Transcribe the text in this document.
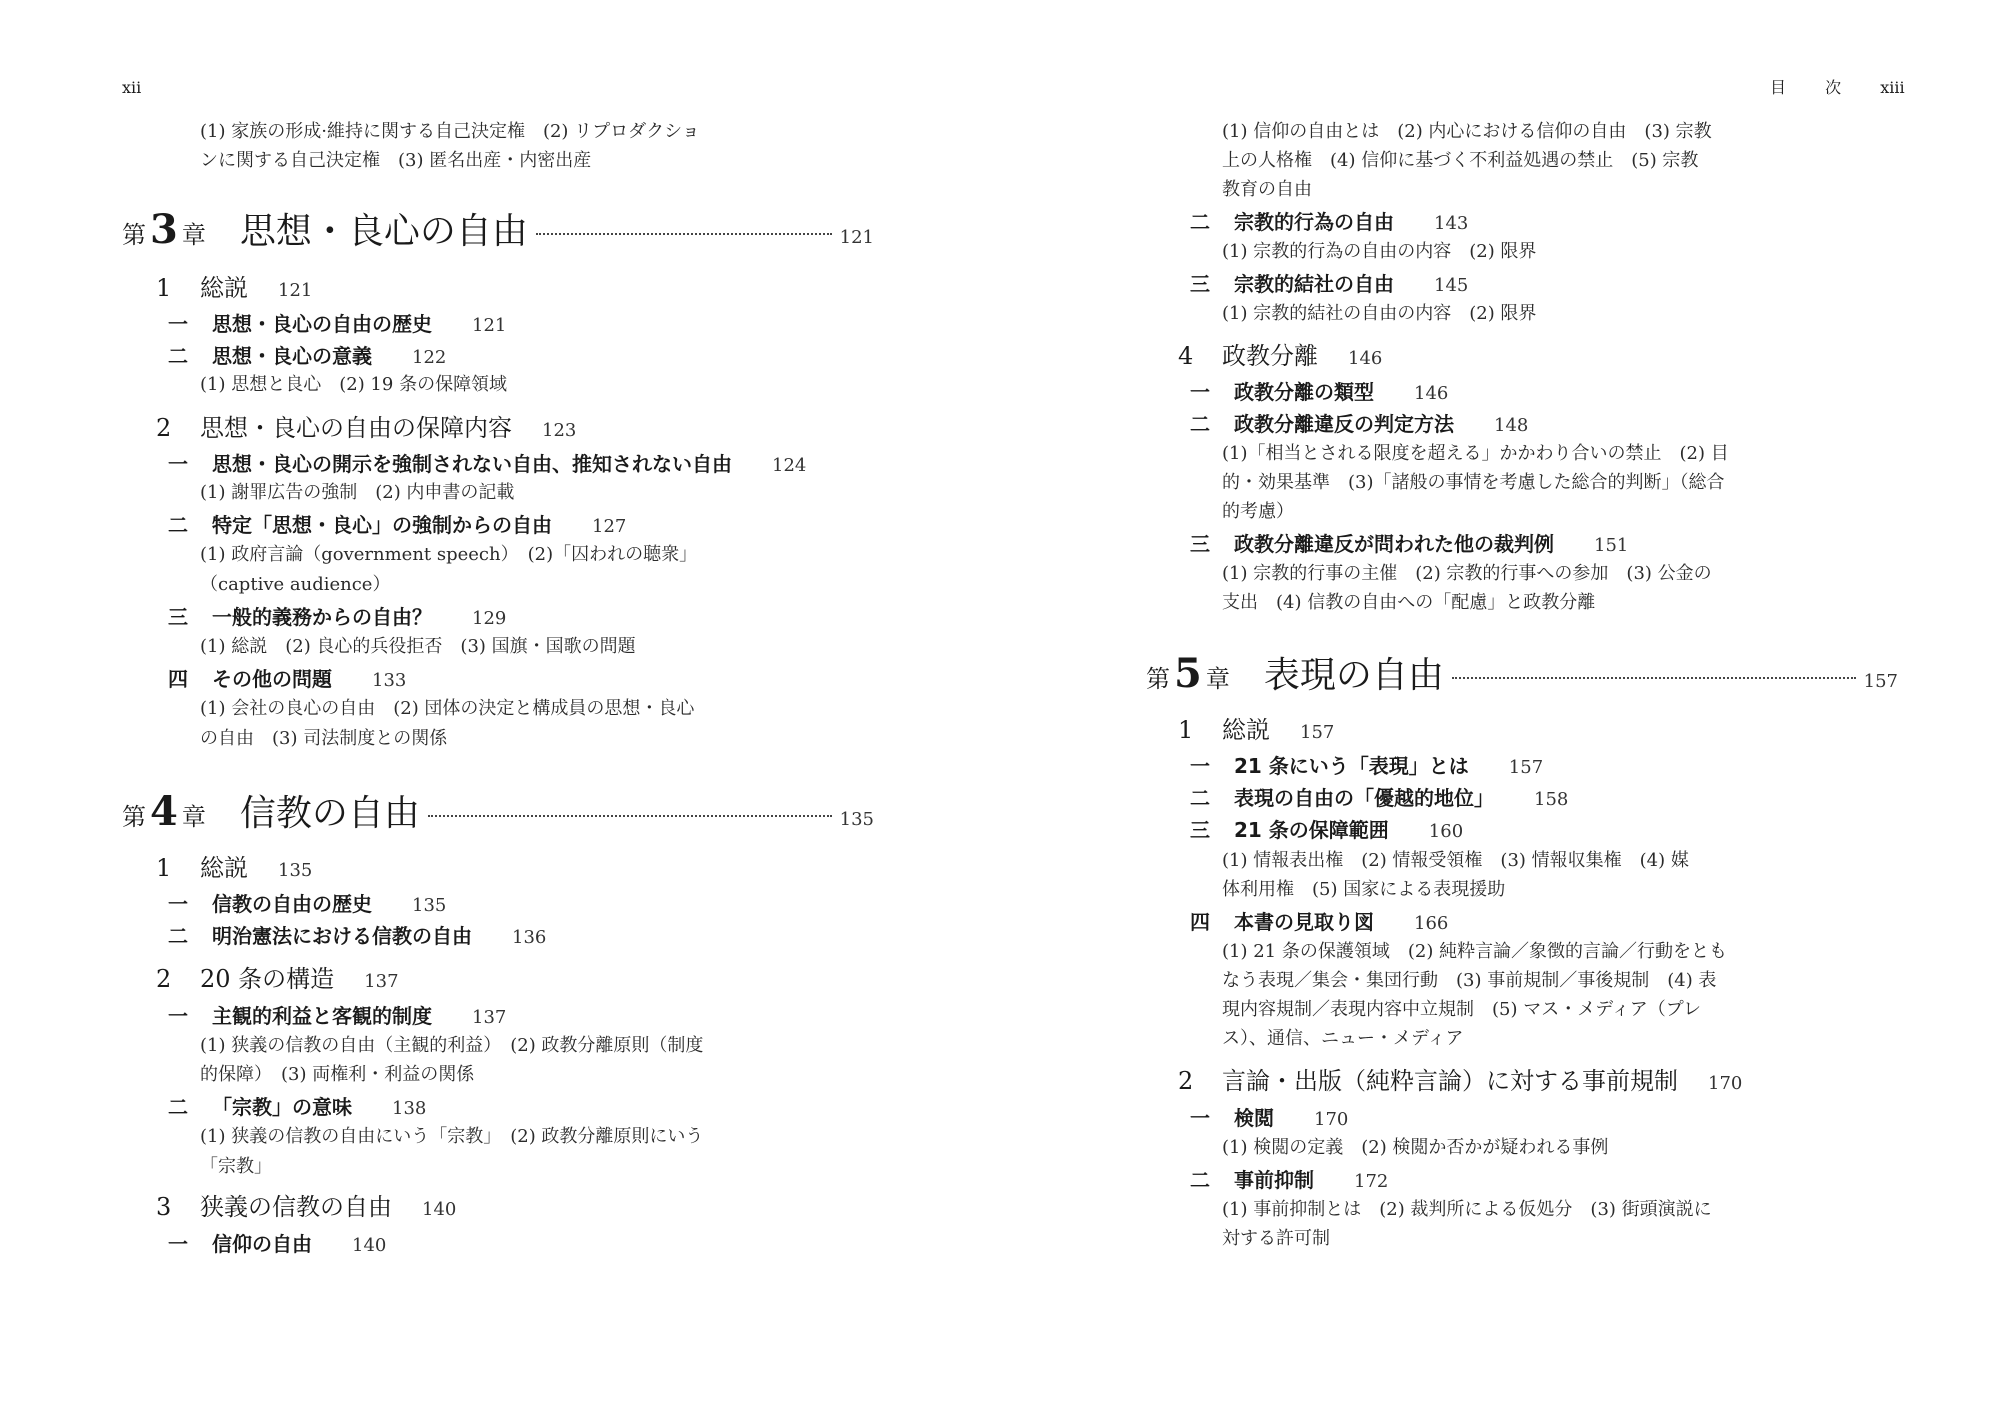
xii
(1) 家族の形成·維持に関する自己決定権　(2) リプロダクショ
ンに関する自己決定権　(3) 匿名出産・内密出産
第 3 章 思想・良心の自由	121
1 総説 121
一 思想・良心の自由の歴史 121
二 思想・良心の意義 122
(1) 思想と良心　(2) 19 条の保障領域
2 思想・良心の自由の保障内容 123
一 思想・良心の開示を強制されない自由、推知されない自由 124
(1) 謝罪広告の強制　(2) 内申書の記載
二 特定「思想・良心」の強制からの自由 127
(1) 政府言論（government speech）　(2)「囚われの聴衆」
（captive audience）
三 一般的義務からの自由？ 129
(1) 総説　(2) 良心的兵役拒否　(3) 国旗・国歌の問題
四 その他の問題 133
(1) 会社の良心の自由　(2) 団体の決定と構成員の思想・良心
の自由　(3) 司法制度との関係
第 4 章 信教の自由	135
1 総説 135
一 信教の自由の歴史 135
二 明治憲法における信教の自由 136
2 20 条の構造 137
一 主観的利益と客観的制度 137
(1) 狭義の信教の自由（主観的利益）　(2) 政教分離原則（制度
的保障）　(3) 両権利・利益の関係
二 「宗教」の意味 138
(1) 狭義の信教の自由にいう「宗教」　(2) 政教分離原則にいう
「宗教」
3 狭義の信教の自由 140
一 信仰の自由 140
目 次 xiii
(1) 信仰の自由とは　(2) 内心における信仰の自由　(3) 宗教
上の人格権　(4) 信仰に基づく不利益処遇の禁止　(5) 宗教
教育の自由
二 宗教的行為の自由 143
(1) 宗教的行為の自由の内容　(2) 限界
三 宗教的結社の自由 145
(1) 宗教的結社の自由の内容　(2) 限界
4 政教分離 146
一 政教分離の類型 146
二 政教分離違反の判定方法 148
(1)「相当とされる限度を超える」かかわり合いの禁止　(2) 目
的・効果基準　(3)「諸般の事情を考慮した総合的判断」（総合
的考慮）
三 政教分離違反が問われた他の裁判例 151
(1) 宗教的行事の主催　(2) 宗教的行事への参加　(3) 公金の
支出　(4) 信教の自由への「配慮」と政教分離
第 5 章 表現の自由	157
1 総説 157
一 21 条にいう「表現」とは 157
二 表現の自由の「優越的地位」 158
三 21 条の保障範囲 160
(1) 情報表出権　(2) 情報受領権　(3) 情報収集権　(4) 媒
体利用権　(5) 国家による表現援助
四 本書の見取り図 166
(1) 21 条の保護領域　(2) 純粋言論／象徴的言論／行動をとも
なう表現／集会・集団行動　(3) 事前規制／事後規制　(4) 表
現内容規制／表現内容中立規制　(5) マス・メディア（プレ
ス）、通信、ニュー・メディア
2 言論・出版（純粋言論）に対する事前規制 170
一 検閲 170
(1) 検閲の定義　(2) 検閲か否かが疑われる事例
二 事前抑制 172
(1) 事前抑制とは　(2) 裁判所による仮処分　(3) 街頭演説に
対する許可制
